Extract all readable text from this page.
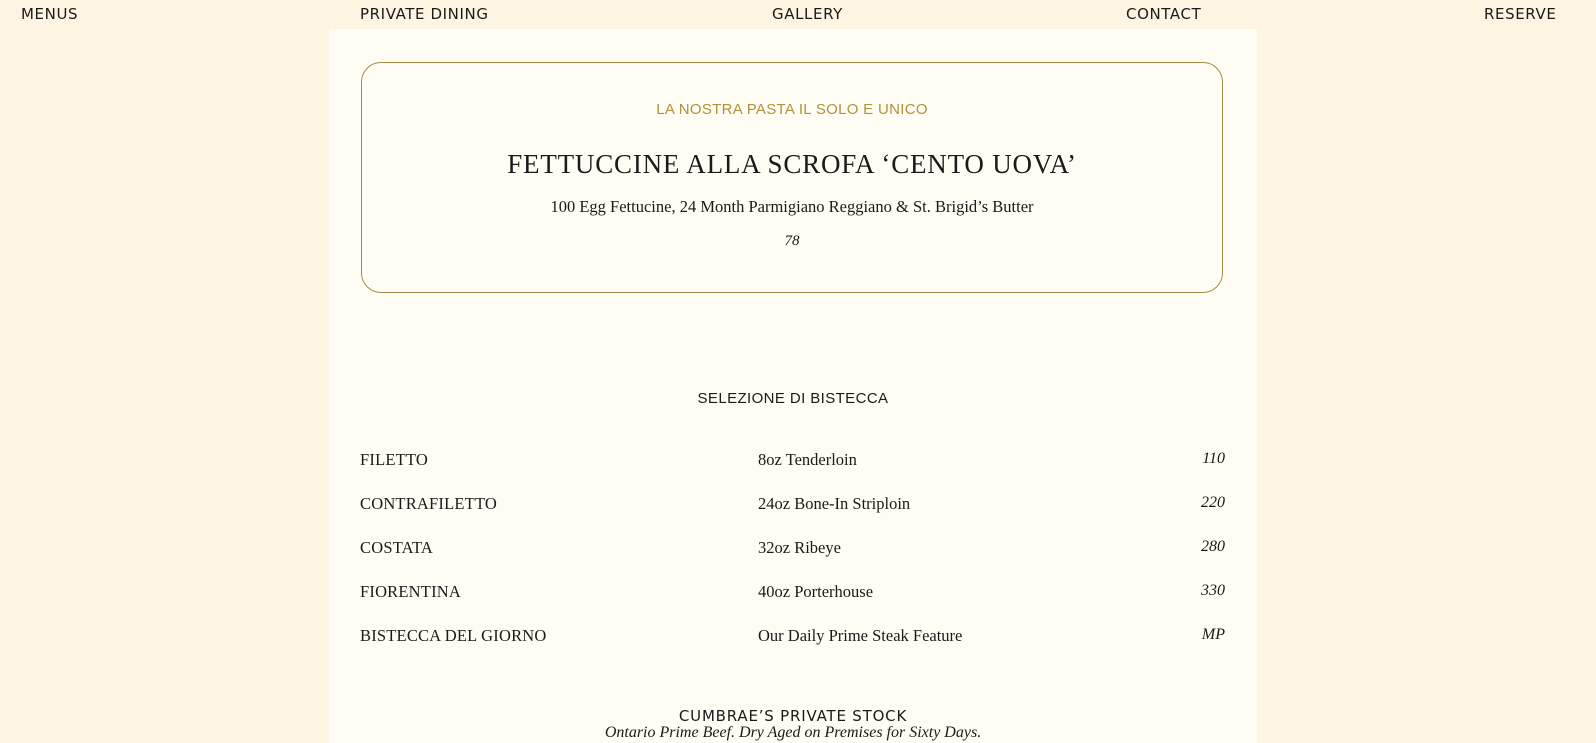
MENUS	PRIVATE DINING	GALLERY	CONTACT	RESERVE
LA NOSTRA PASTA IL SOLO E UNICO
FETTUCCINE ALLA SCROFA ‘CENTO UOVA’
100 Egg Fettucine, 24 Month Parmigiano Reggiano & St. Brigid’s Butter
78
SELEZIONE DI BISTECCA
FILETTO	8oz Tenderloin	110
CONTRAFILETTO	24oz Bone-In Striploin	220
COSTATA	32oz Ribeye	280
FIORENTINA	40oz Porterhouse	330
BISTECCA DEL GIORNO	Our Daily Prime Steak Feature	MP
CUMBRAE’S PRIVATE STOCK
Ontario Prime Beef. Dry Aged on Premises for Sixty Days.
